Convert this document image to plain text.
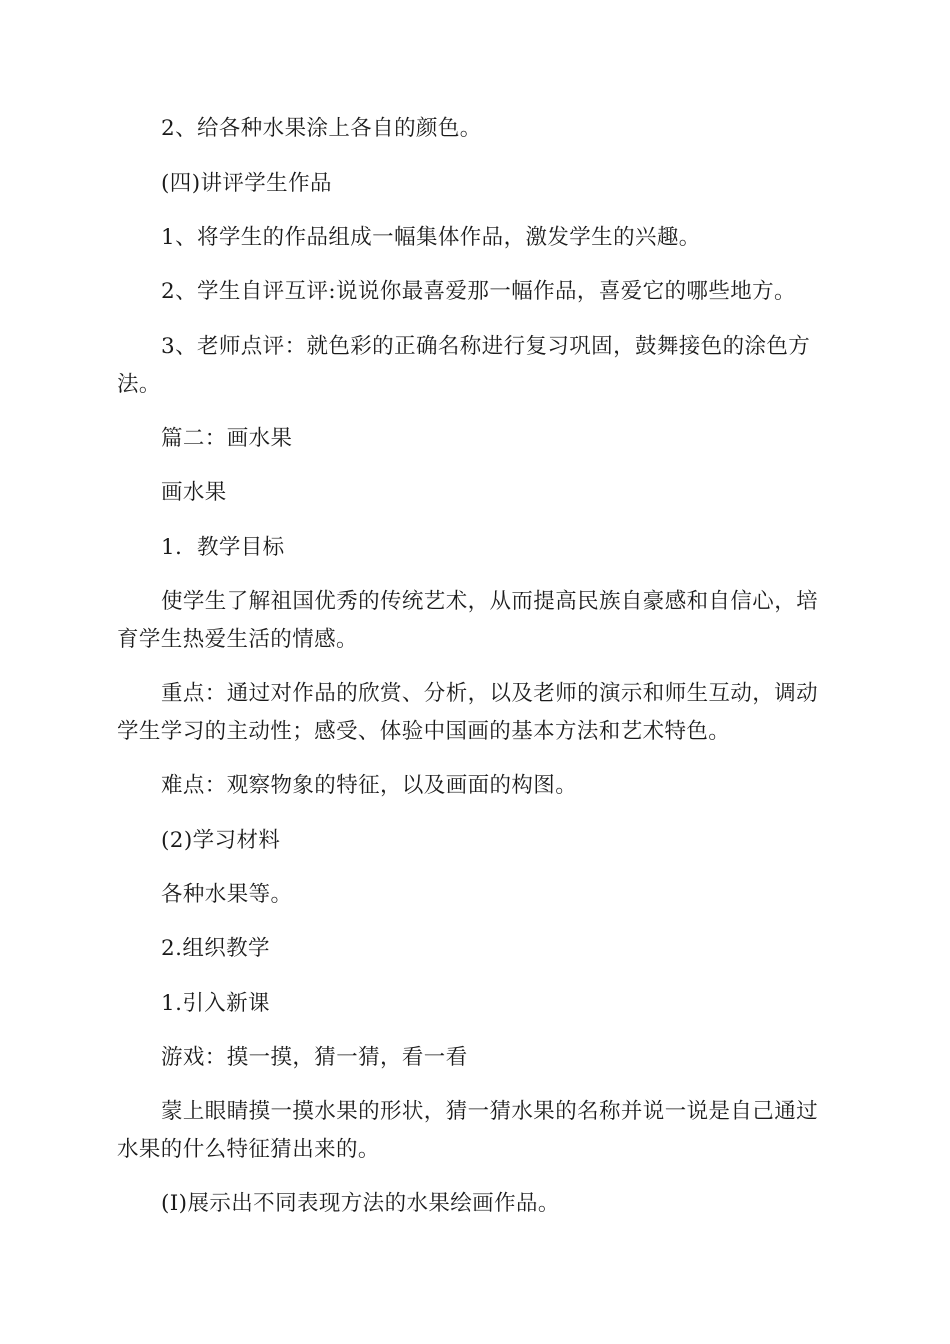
2、给各种水果涂上各自的颜色。

(四)讲评学生作品

1、将学生的作品组成一幅集体作品，激发学生的兴趣。

2、学生自评互评:说说你最喜爱那一幅作品，喜爱它的哪些地方。

3、老师点评：就色彩的正确名称进行复习巩固，鼓舞接色的涂色方法。

篇二：画水果

画水果

1．教学目标

使学生了解祖国优秀的传统艺术，从而提高民族自豪感和自信心，培育学生热爱生活的情感。

重点：通过对作品的欣赏、分析，以及老师的演示和师生互动，调动学生学习的主动性；感受、体验中国画的基本方法和艺术特色。

难点：观察物象的特征，以及画面的构图。

(2)学习材料

各种水果等。

2.组织教学

1.引入新课

游戏：摸一摸，猜一猜，看一看

蒙上眼睛摸一摸水果的形状，猜一猜水果的名称并说一说是自己通过水果的什么特征猜出来的。

(I)展示出不同表现方法的水果绘画作品。
